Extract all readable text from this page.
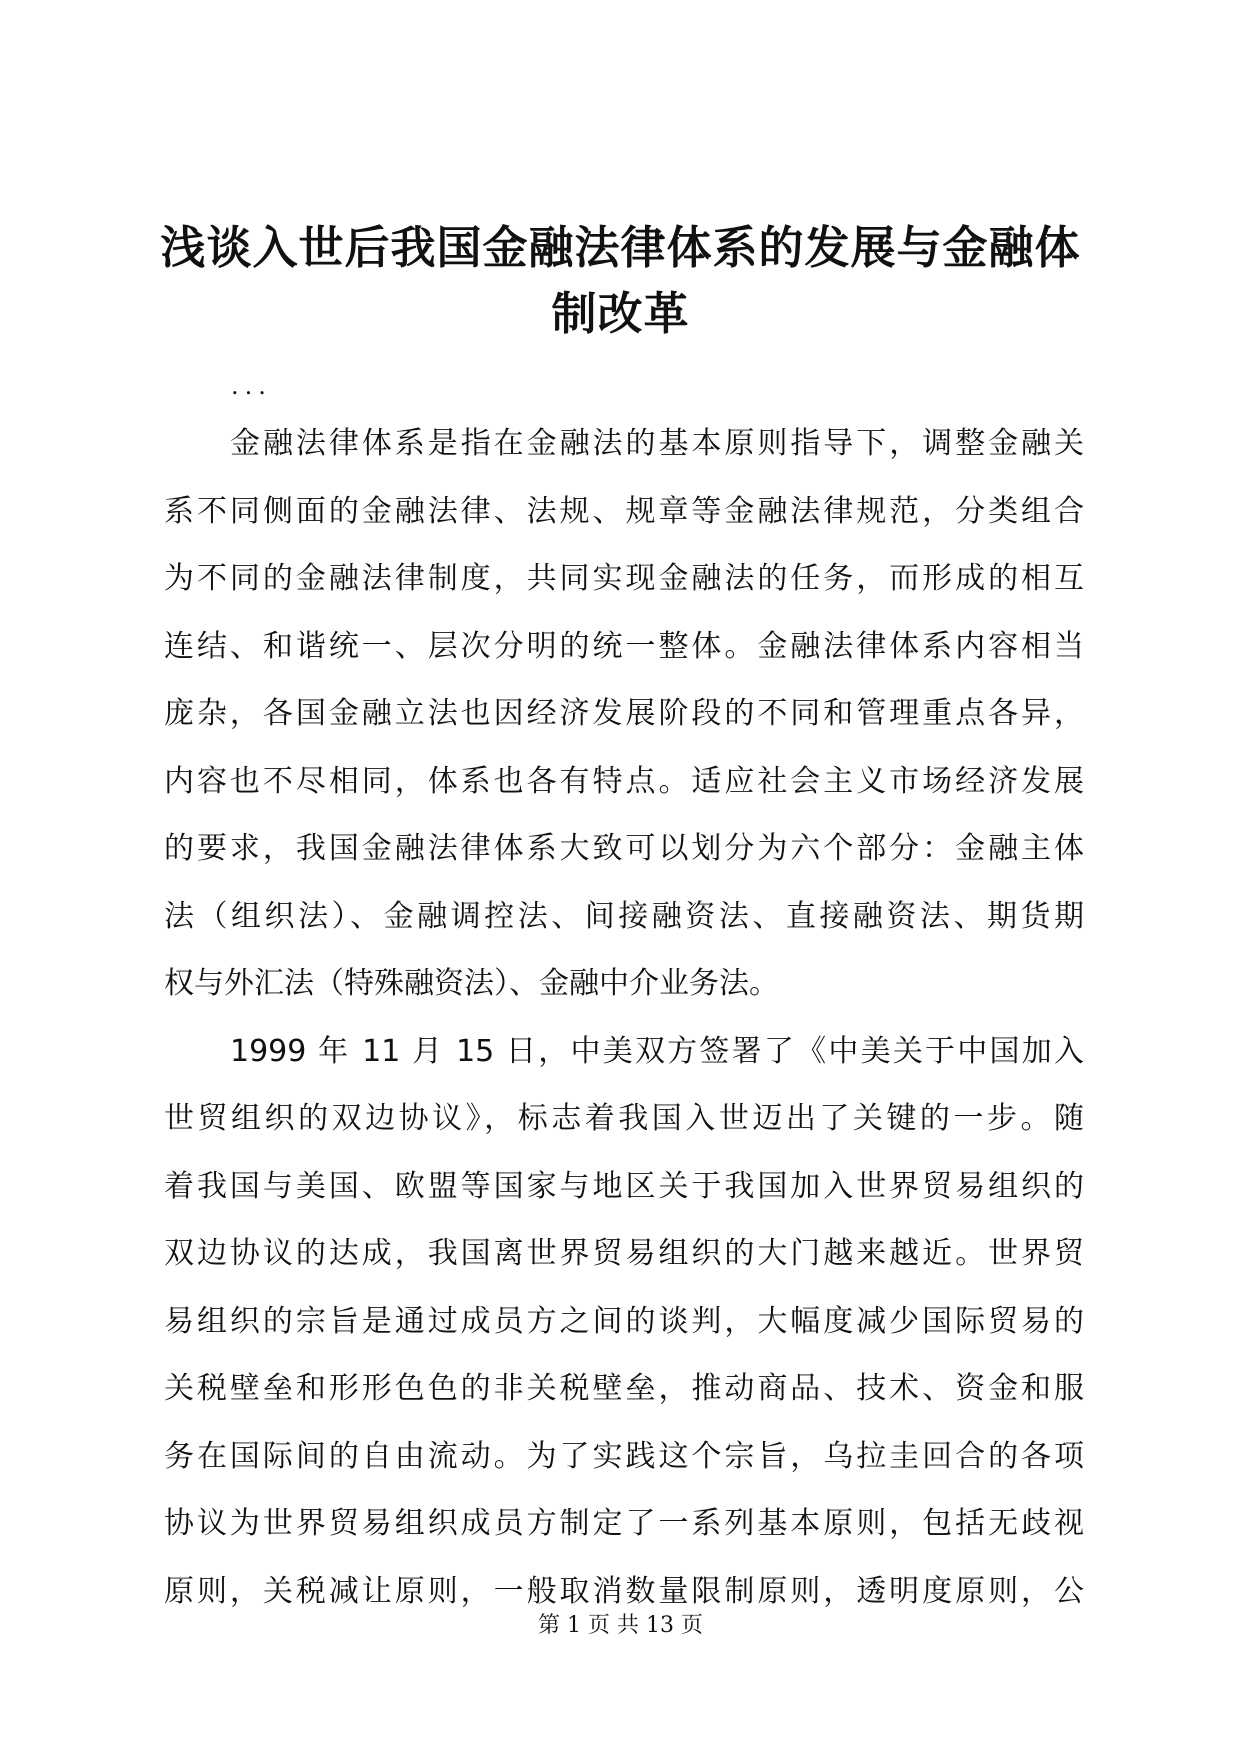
浅谈入世后我国金融法律体系的发展与金融体
制改革
...
金融法律体系是指在金融法的基本原则指导下，调整金融关
系不同侧面的金融法律、法规、规章等金融法律规范，分类组合
为不同的金融法律制度，共同实现金融法的任务，而形成的相互
连结、和谐统一、层次分明的统一整体。金融法律体系内容相当
庞杂，各国金融立法也因经济发展阶段的不同和管理重点各异，
内容也不尽相同，体系也各有特点。适应社会主义市场经济发展
的要求，我国金融法律体系大致可以划分为六个部分：金融主体
法（组织法）、金融调控法、间接融资法、直接融资法、期货期
权与外汇法（特殊融资法）、金融中介业务法。
1999 年 11 月 15 日，中美双方签署了《中美关于中国加入
世贸组织的双边协议》，标志着我国入世迈出了关键的一步。随
着我国与美国、欧盟等国家与地区关于我国加入世界贸易组织的
双边协议的达成，我国离世界贸易组织的大门越来越近。世界贸
易组织的宗旨是通过成员方之间的谈判，大幅度减少国际贸易的
关税壁垒和形形色色的非关税壁垒，推动商品、技术、资金和服
务在国际间的自由流动。为了实践这个宗旨，乌拉圭回合的各项
协议为世界贸易组织成员方制定了一系列基本原则，包括无歧视
原则，关税减让原则，一般取消数量限制原则，透明度原则，公
第 1 页 共 13 页
